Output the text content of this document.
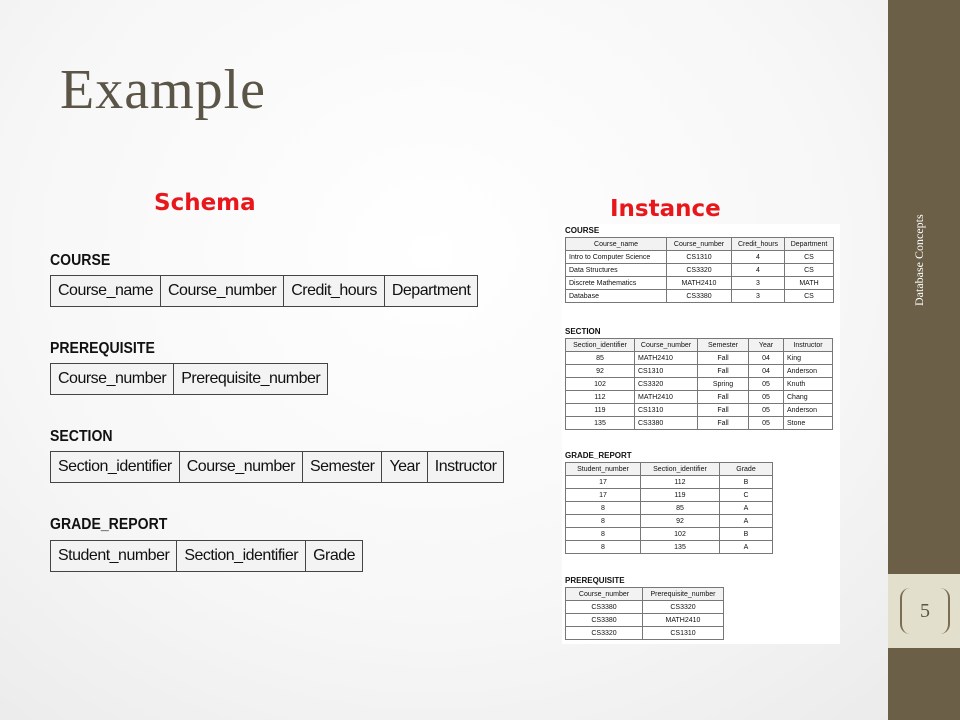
Example
Schema	Instance
COURSE
Course_name Course_number Credit_hours Department
PREREQUISITE
Course_number Prerequisite_number
SECTION
Section_identifier Course_number Semester Year Instructor
GRADE_REPORT
Student_number Section_identifier Grade
COURSE
Course_name	Course_number	Credit_hours	Department
Intro to Computer Science	CS1310	4	CS
Data Structures	CS3320	4	CS
Discrete Mathematics	MATH2410	3	MATH
Database	CS3380	3	CS
SECTION
Section_identifier	Course_number	Semester	Year	Instructor
85	MATH2410	Fall	04	King
92	CS1310	Fall	04	Anderson
102	CS3320	Spring	05	Knuth
112	MATH2410	Fall	05	Chang
119	CS1310	Fall	05	Anderson
135	CS3380	Fall	05	Stone
GRADE_REPORT
Student_number	Section_identifier	Grade
17	112	B
17	119	C
8	85	A
8	92	A
8	102	B
8	135	A
PREREQUISITE
Course_number	Prerequisite_number
CS3380	CS3320
CS3380	MATH2410
CS3320	CS1310
Database Concepts
5
